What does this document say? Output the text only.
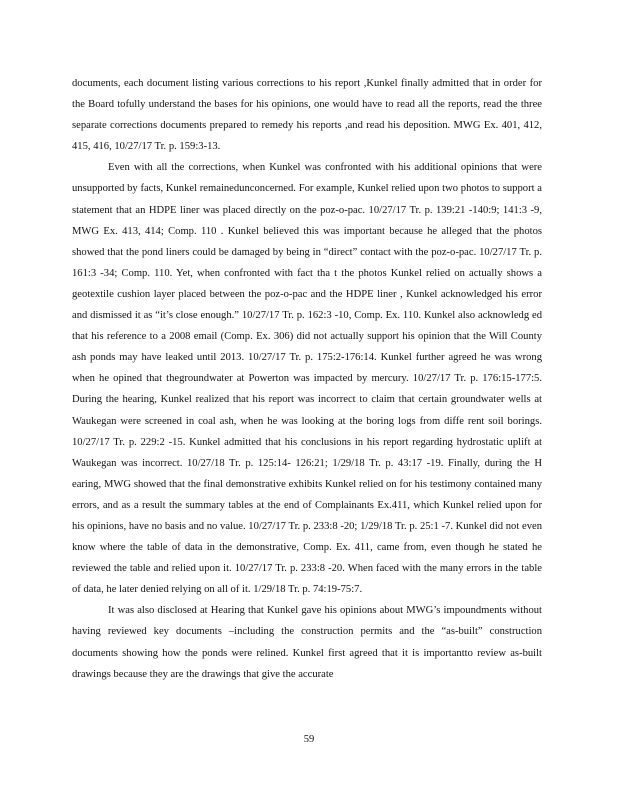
documents, each document listing various corrections to his report ,Kunkel finally admitted that in order for the Board tofully understand the bases for his opinions, one would have to read all the reports, read the three separate corrections documents prepared to remedy his reports ,and read his deposition. MWG Ex. 401, 412, 415, 416, 10/27/17 Tr. p. 159:3-13.

Even with all the corrections, when Kunkel was confronted with his additional opinions that were unsupported by facts, Kunkel remainedunconcerned. For example, Kunkel relied upon two photos to support a statement that an HDPE liner was placed directly on the poz-o-pac. 10/27/17 Tr. p. 139:21 -140:9; 141:3 -9, MWG Ex. 413, 414; Comp. 110 . Kunkel believed this was important because he alleged that the photos showed that the pond liners could be damaged by being in “direct” contact with the poz-o-pac. 10/27/17 Tr. p. 161:3 -34; Comp. 110. Yet, when confronted with fact tha t the photos Kunkel relied on actually shows a geotextile cushion layer placed between the poz-o-pac and the HDPE liner , Kunkel acknowledged his error and dismissed it as “it’s close enough.” 10/27/17 Tr. p. 162:3 -10, Comp. Ex. 110. Kunkel also acknowledg ed that his reference to a 2008 email (Comp. Ex. 306) did not actually support his opinion that the Will County ash ponds may have leaked until 2013. 10/27/17 Tr. p. 175:2-176:14. Kunkel further agreed he was wrong when he opined that thegroundwater at Powerton was impacted by mercury. 10/27/17 Tr. p. 176:15-177:5. During the hearing, Kunkel realized that his report was incorrect to claim that certain groundwater wells at Waukegan were screened in coal ash, when he was looking at the boring logs from diffe rent soil borings. 10/27/17 Tr. p. 229:2 -15. Kunkel admitted that his conclusions in his report regarding hydrostatic uplift at Waukegan was incorrect. 10/27/18 Tr. p. 125:14- 126:21; 1/29/18 Tr. p. 43:17 -19. Finally, during the H earing, MWG showed that the final demonstrative exhibits Kunkel relied on for his testimony contained many errors, and as a result the summary tables at the end of Complainants Ex.411, which Kunkel relied upon for his opinions, have no basis and no value. 10/27/17 Tr. p. 233:8 -20; 1/29/18 Tr. p. 25:1 -7. Kunkel did not even know where the table of data in the demonstrative, Comp. Ex. 411, came from, even though he stated he reviewed the table and relied upon it. 10/27/17 Tr. p. 233:8 -20. When faced with the many errors in the table of data, he later denied relying on all of it. 1/29/18 Tr. p. 74:19-75:7.

It was also disclosed at Hearing that Kunkel gave his opinions about MWG’s impoundments without having reviewed key documents –including the construction permits and the “as-built” construction documents showing how the ponds were relined. Kunkel first agreed that it is importantto review as-built drawings because they are the drawings that give the accurate

59
